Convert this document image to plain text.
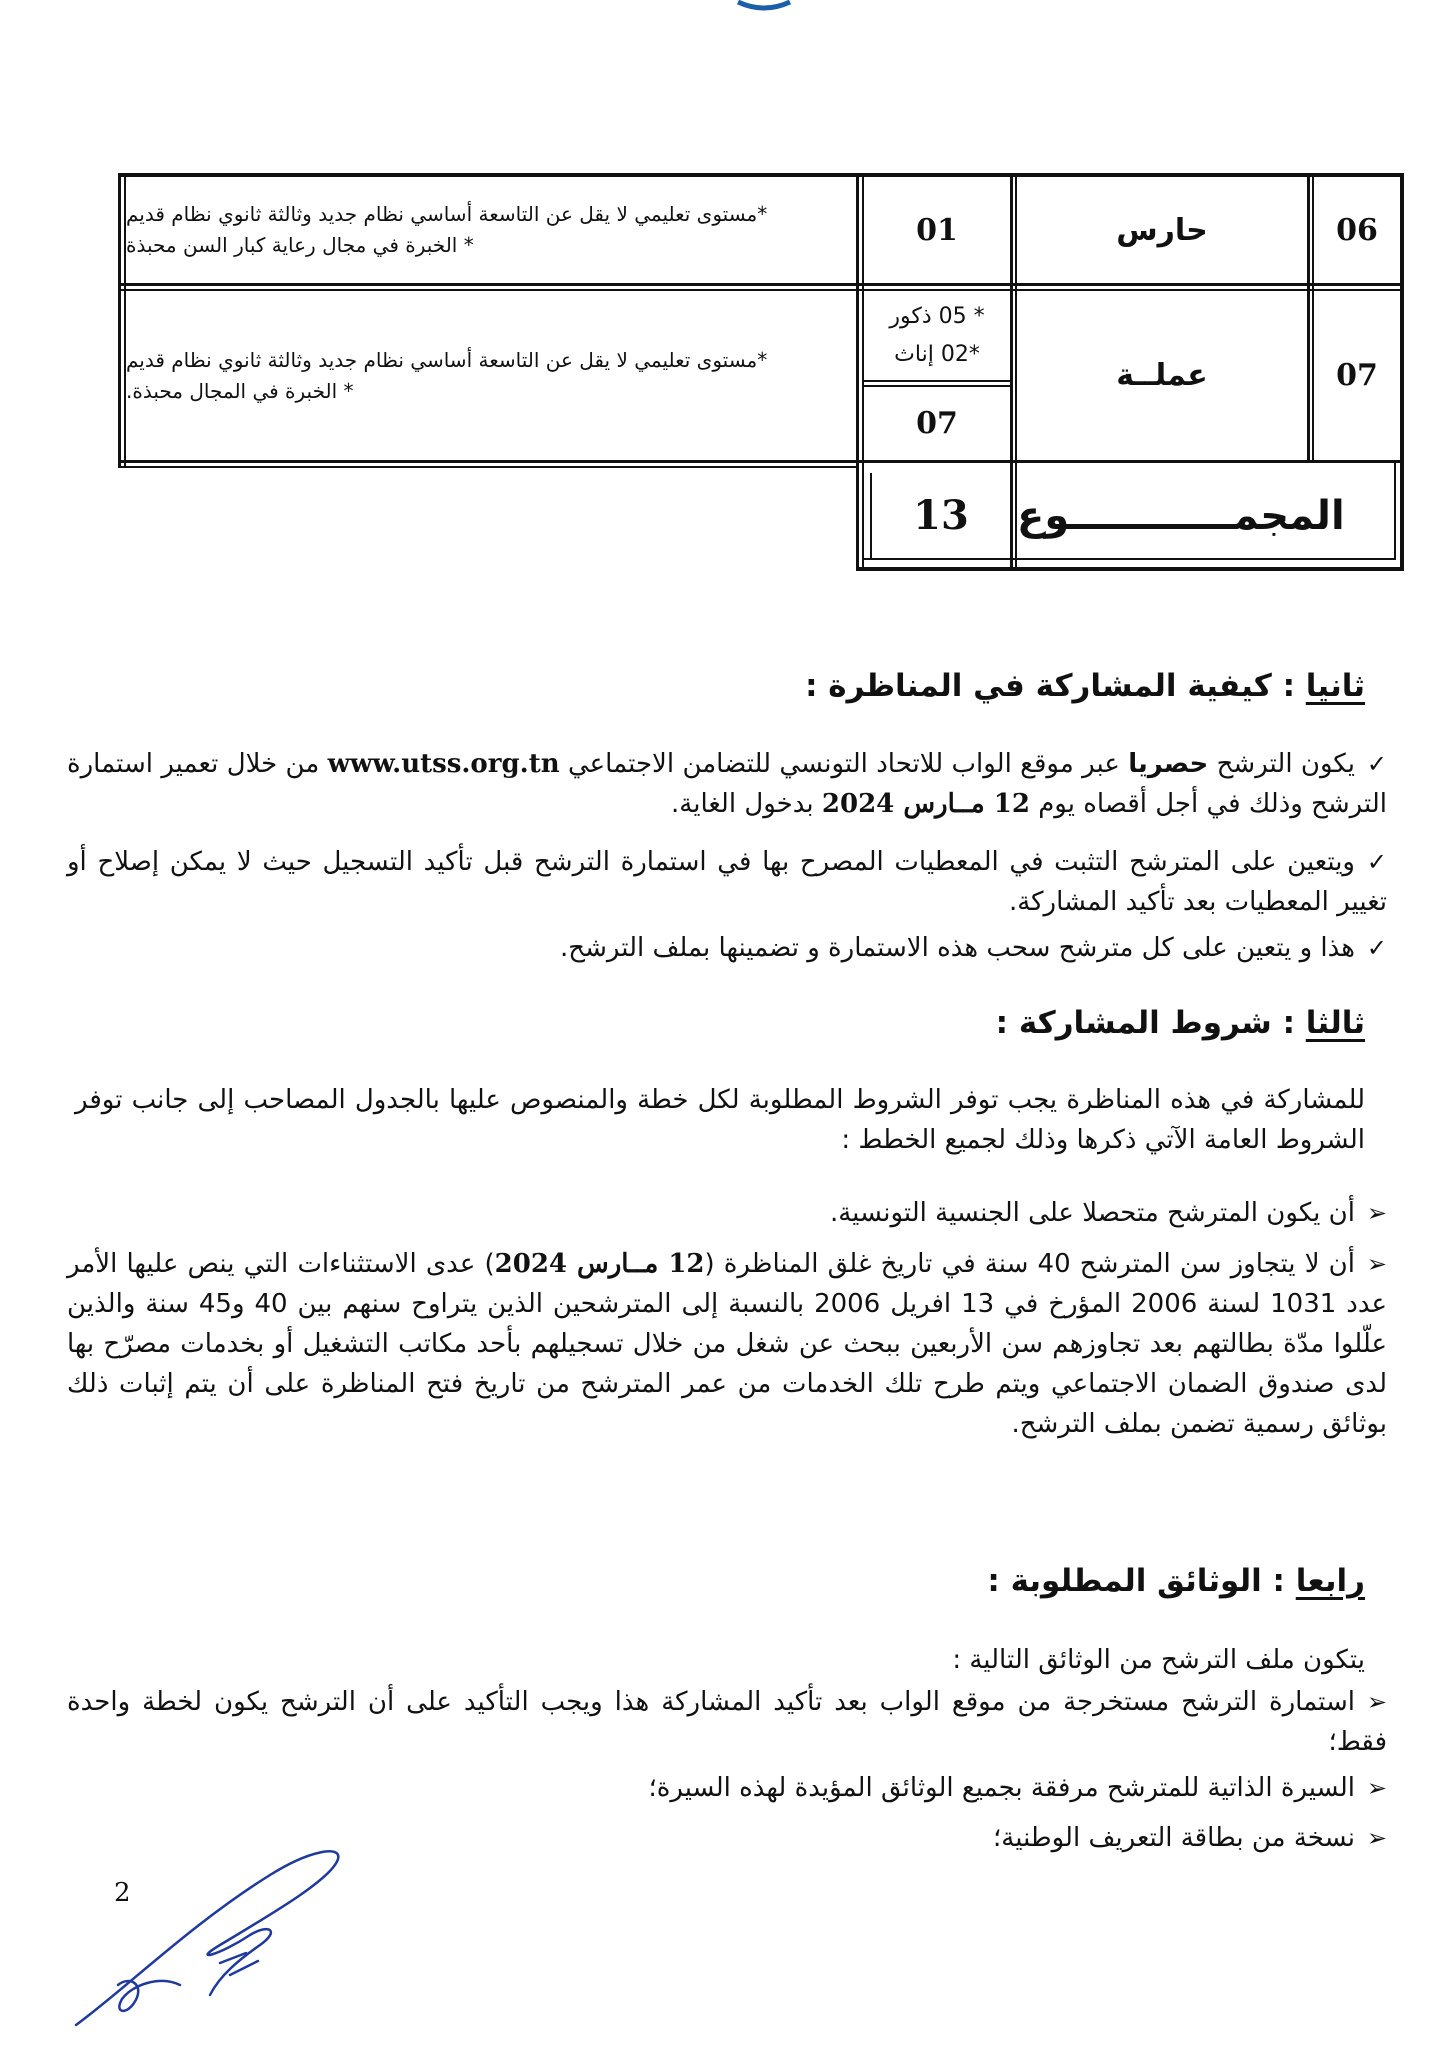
06
حارس
01
*مستوى تعليمي لا يقل عن التاسعة أساسي نظام جديد وثالثة ثانوي نظام قديم
* الخبرة في مجال رعاية كبار السن محبذة
07
عملــة
* 05 ذكور
*02 إناث
07
*مستوى تعليمي لا يقل عن التاسعة أساسي نظام جديد وثالثة ثانوي نظام قديم
* الخبرة في المجال محبذة.
المجمــــــــــــوع
13
ثانيا : كيفية المشاركة في المناظرة :
✓يكون الترشح حصريا عبر موقع الواب للاتحاد التونسي للتضامن الاجتماعي www.utss.org.tn من خلال تعمير استمارة الترشح وذلك في أجل أقصاه يوم 12 مــارس 2024 بدخول الغاية.
✓ويتعين على المترشح التثبت في المعطيات المصرح بها في استمارة الترشح قبل تأكيد التسجيل حيث لا يمكن إصلاح أو تغيير المعطيات بعد تأكيد المشاركة.
✓هذا و يتعين على كل مترشح سحب هذه الاستمارة و تضمينها بملف الترشح.
ثالثا : شروط المشاركة :
للمشاركة في هذه المناظرة يجب توفر الشروط المطلوبة لكل خطة والمنصوص عليها بالجدول المصاحب إلى جانب توفر الشروط العامة الآتي ذكرها وذلك لجميع الخطط :
➢أن يكون المترشح متحصلا على الجنسية التونسية.
➢أن لا يتجاوز سن المترشح 40 سنة في تاريخ غلق المناظرة (12 مــارس 2024) عدى الاستثناءات التي ينص عليها الأمر عدد 1031 لسنة 2006 المؤرخ في 13 افريل 2006 بالنسبة إلى المترشحين الذين يتراوح سنهم بين 40 و45 سنة والذين علّلوا مدّة بطالتهم بعد تجاوزهم سن الأربعين ببحث عن شغل من خلال تسجيلهم بأحد مكاتب التشغيل أو بخدمات مصرّح بها لدى صندوق الضمان الاجتماعي ويتم طرح تلك الخدمات من عمر المترشح من تاريخ فتح المناظرة على أن يتم إثبات ذلك بوثائق رسمية تضمن بملف الترشح.
رابعا : الوثائق المطلوبة :
يتكون ملف الترشح من الوثائق التالية :
➢استمارة الترشح مستخرجة من موقع الواب بعد تأكيد المشاركة هذا ويجب التأكيد على أن الترشح يكون لخطة واحدة فقط؛
➢السيرة الذاتية للمترشح مرفقة بجميع الوثائق المؤيدة لهذه السيرة؛
➢نسخة من بطاقة التعريف الوطنية؛
2
